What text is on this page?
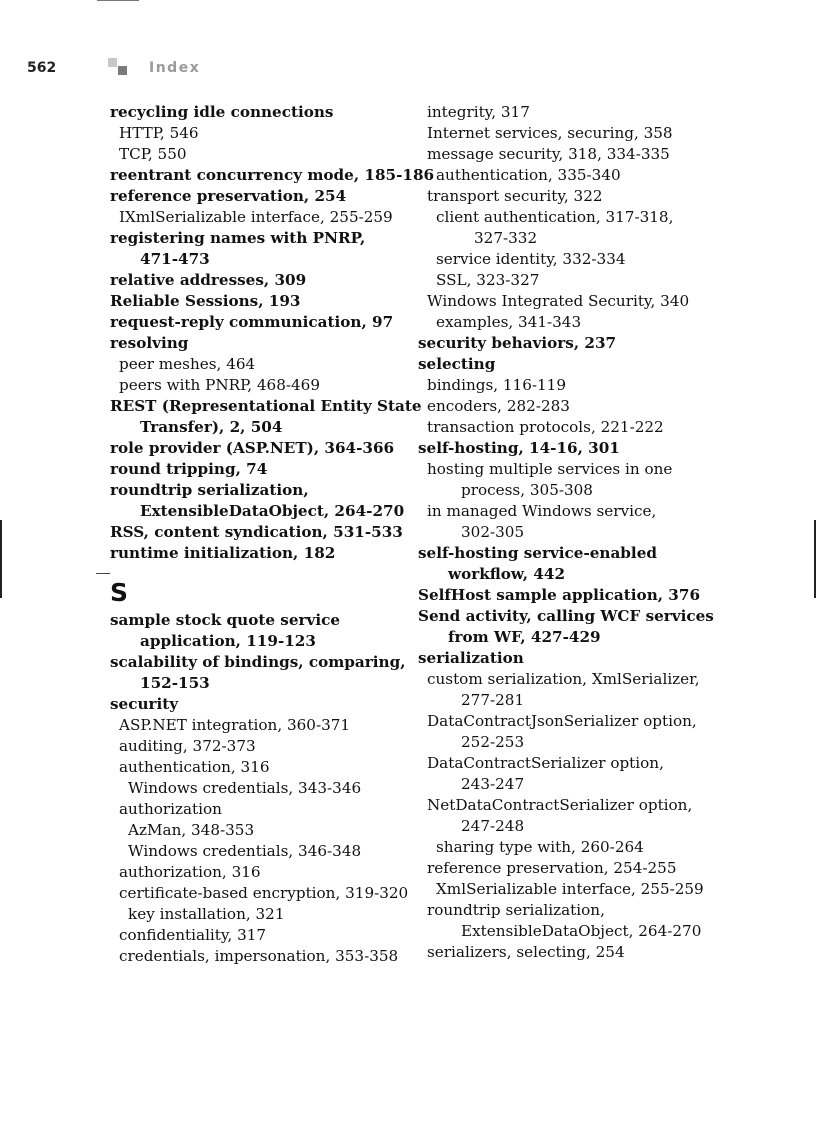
562	Index
recycling idle connections
HTTP, 546
TCP, 550
reentrant concurrency mode, 185-186
reference preservation, 254
IXmlSerializable interface, 255-259
registering names with PNRP,
471-473
relative addresses, 309
Reliable Sessions, 193
request-reply communication, 97
resolving
peer meshes, 464
peers with PNRP, 468-469
REST (Representational Entity State
Transfer), 2, 504
role provider (ASP.NET), 364-366
round tripping, 74
roundtrip serialization,
ExtensibleDataObject, 264-270
RSS, content syndication, 531-533
runtime initialization, 182
S
sample stock quote service
application, 119-123
scalability of bindings, comparing,
152-153
security
ASP.NET integration, 360-371
auditing, 372-373
authentication, 316
Windows credentials, 343-346
authorization
AzMan, 348-353
Windows credentials, 346-348
authorization, 316
certificate-based encryption, 319-320
key installation, 321
confidentiality, 317
credentials, impersonation, 353-358
integrity, 317
Internet services, securing, 358
message security, 318, 334-335
authentication, 335-340
transport security, 322
client authentication, 317-318,
327-332
service identity, 332-334
SSL, 323-327
Windows Integrated Security, 340
examples, 341-343
security behaviors, 237
selecting
bindings, 116-119
encoders, 282-283
transaction protocols, 221-222
self-hosting, 14-16, 301
hosting multiple services in one
process, 305-308
in managed Windows service,
302-305
self-hosting service-enabled
workflow, 442
SelfHost sample application, 376
Send activity, calling WCF services
from WF, 427-429
serialization
custom serialization, XmlSerializer,
277-281
DataContractJsonSerializer option,
252-253
DataContractSerializer option,
243-247
NetDataContractSerializer option,
247-248
sharing type with, 260-264
reference preservation, 254-255
XmlSerializable interface, 255-259
roundtrip serialization,
ExtensibleDataObject, 264-270
serializers, selecting, 254
